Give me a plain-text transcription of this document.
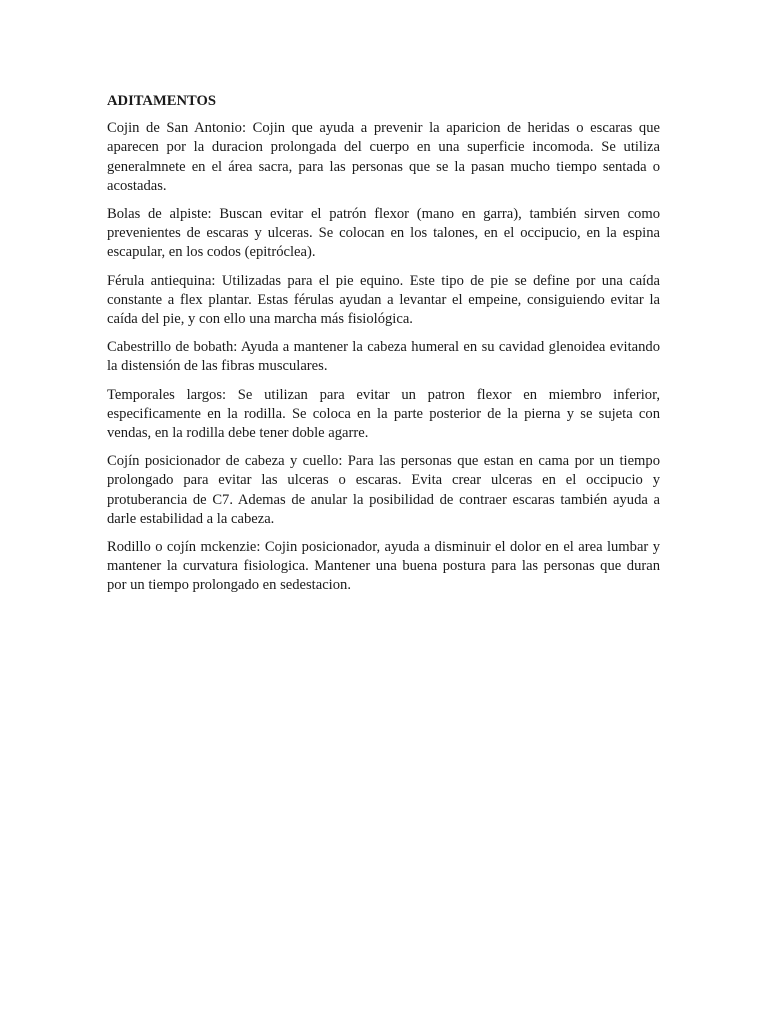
ADITAMENTOS

Cojin de San Antonio: Cojin que ayuda a prevenir la aparicion de heridas o escaras que aparecen por la duracion prolongada del cuerpo en una superficie incomoda. Se utiliza generalmnete en el área sacra, para las personas que se la pasan mucho tiempo sentada o acostadas.

Bolas de alpiste: Buscan evitar el patrón flexor (mano en garra), también sirven como prevenientes de escaras y ulceras. Se colocan en los talones, en el occipucio, en la espina escapular, en los codos (epitróclea).

Férula antiequina: Utilizadas para el pie equino. Este tipo de pie se define por una caída constante a flex plantar. Estas férulas ayudan a levantar el empeine, consiguiendo evitar la caída del pie, y con ello una marcha más fisiológica.

Cabestrillo de bobath: Ayuda a mantener la cabeza humeral en su cavidad glenoidea evitando la distensión de las fibras musculares.

Temporales largos: Se utilizan para evitar un patron flexor en miembro inferior, especificamente en la rodilla. Se coloca en la parte posterior de la pierna y se sujeta con vendas, en la rodilla debe tener doble agarre.

Cojín posicionador de cabeza y cuello: Para las personas que estan en cama por un tiempo prolongado para evitar las ulceras o escaras. Evita crear ulceras en el occipucio y protuberancia de C7. Ademas de anular la posibilidad de contraer escaras también ayuda a darle estabilidad a la cabeza.

Rodillo o cojín mckenzie: Cojin posicionador, ayuda a disminuir el dolor en el area lumbar y mantener la curvatura fisiologica. Mantener una buena postura para las personas que duran por un tiempo prolongado en sedestacion.
